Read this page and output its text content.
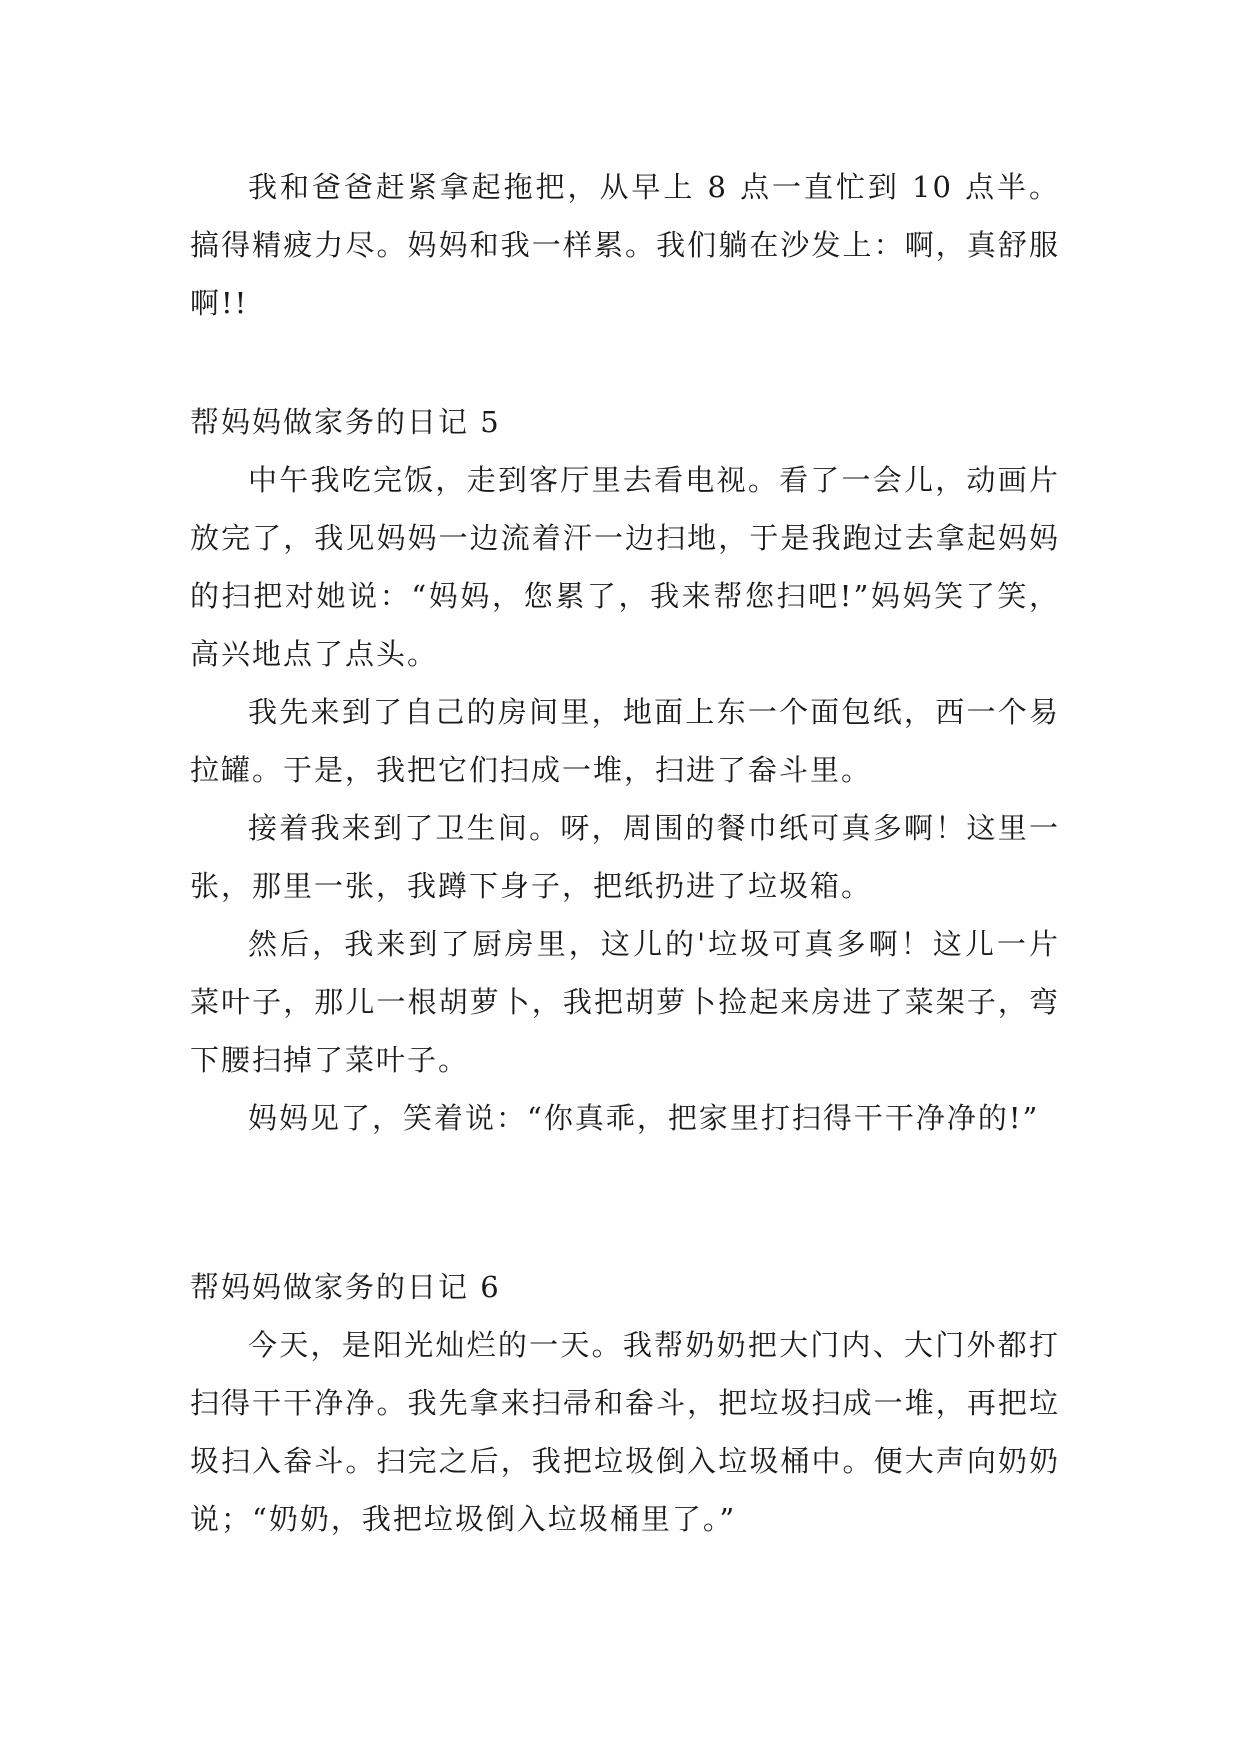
我和爸爸赶紧拿起拖把，从早上 8 点一直忙到 10 点半。搞得精疲力尽。妈妈和我一样累。我们躺在沙发上：啊，真舒服啊!!

帮妈妈做家务的日记 5

中午我吃完饭，走到客厅里去看电视。看了一会儿，动画片放完了，我见妈妈一边流着汗一边扫地，于是我跑过去拿起妈妈的扫把对她说：“妈妈，您累了，我来帮您扫吧!”妈妈笑了笑，高兴地点了点头。

我先来到了自己的房间里，地面上东一个面包纸，西一个易拉罐。于是，我把它们扫成一堆，扫进了畚斗里。

接着我来到了卫生间。呀，周围的餐巾纸可真多啊！这里一张，那里一张，我蹲下身子，把纸扔进了垃圾箱。

然后，我来到了厨房里，这儿的'垃圾可真多啊！这儿一片菜叶子，那儿一根胡萝卜，我把胡萝卜捡起来房进了菜架子，弯下腰扫掉了菜叶子。

妈妈见了，笑着说：“你真乖，把家里打扫得干干净净的!”

帮妈妈做家务的日记 6

今天，是阳光灿烂的一天。我帮奶奶把大门内、大门外都打扫得干干净净。我先拿来扫帚和畚斗，把垃圾扫成一堆，再把垃圾扫入畚斗。扫完之后，我把垃圾倒入垃圾桶中。便大声向奶奶说；“奶奶，我把垃圾倒入垃圾桶里了。”
